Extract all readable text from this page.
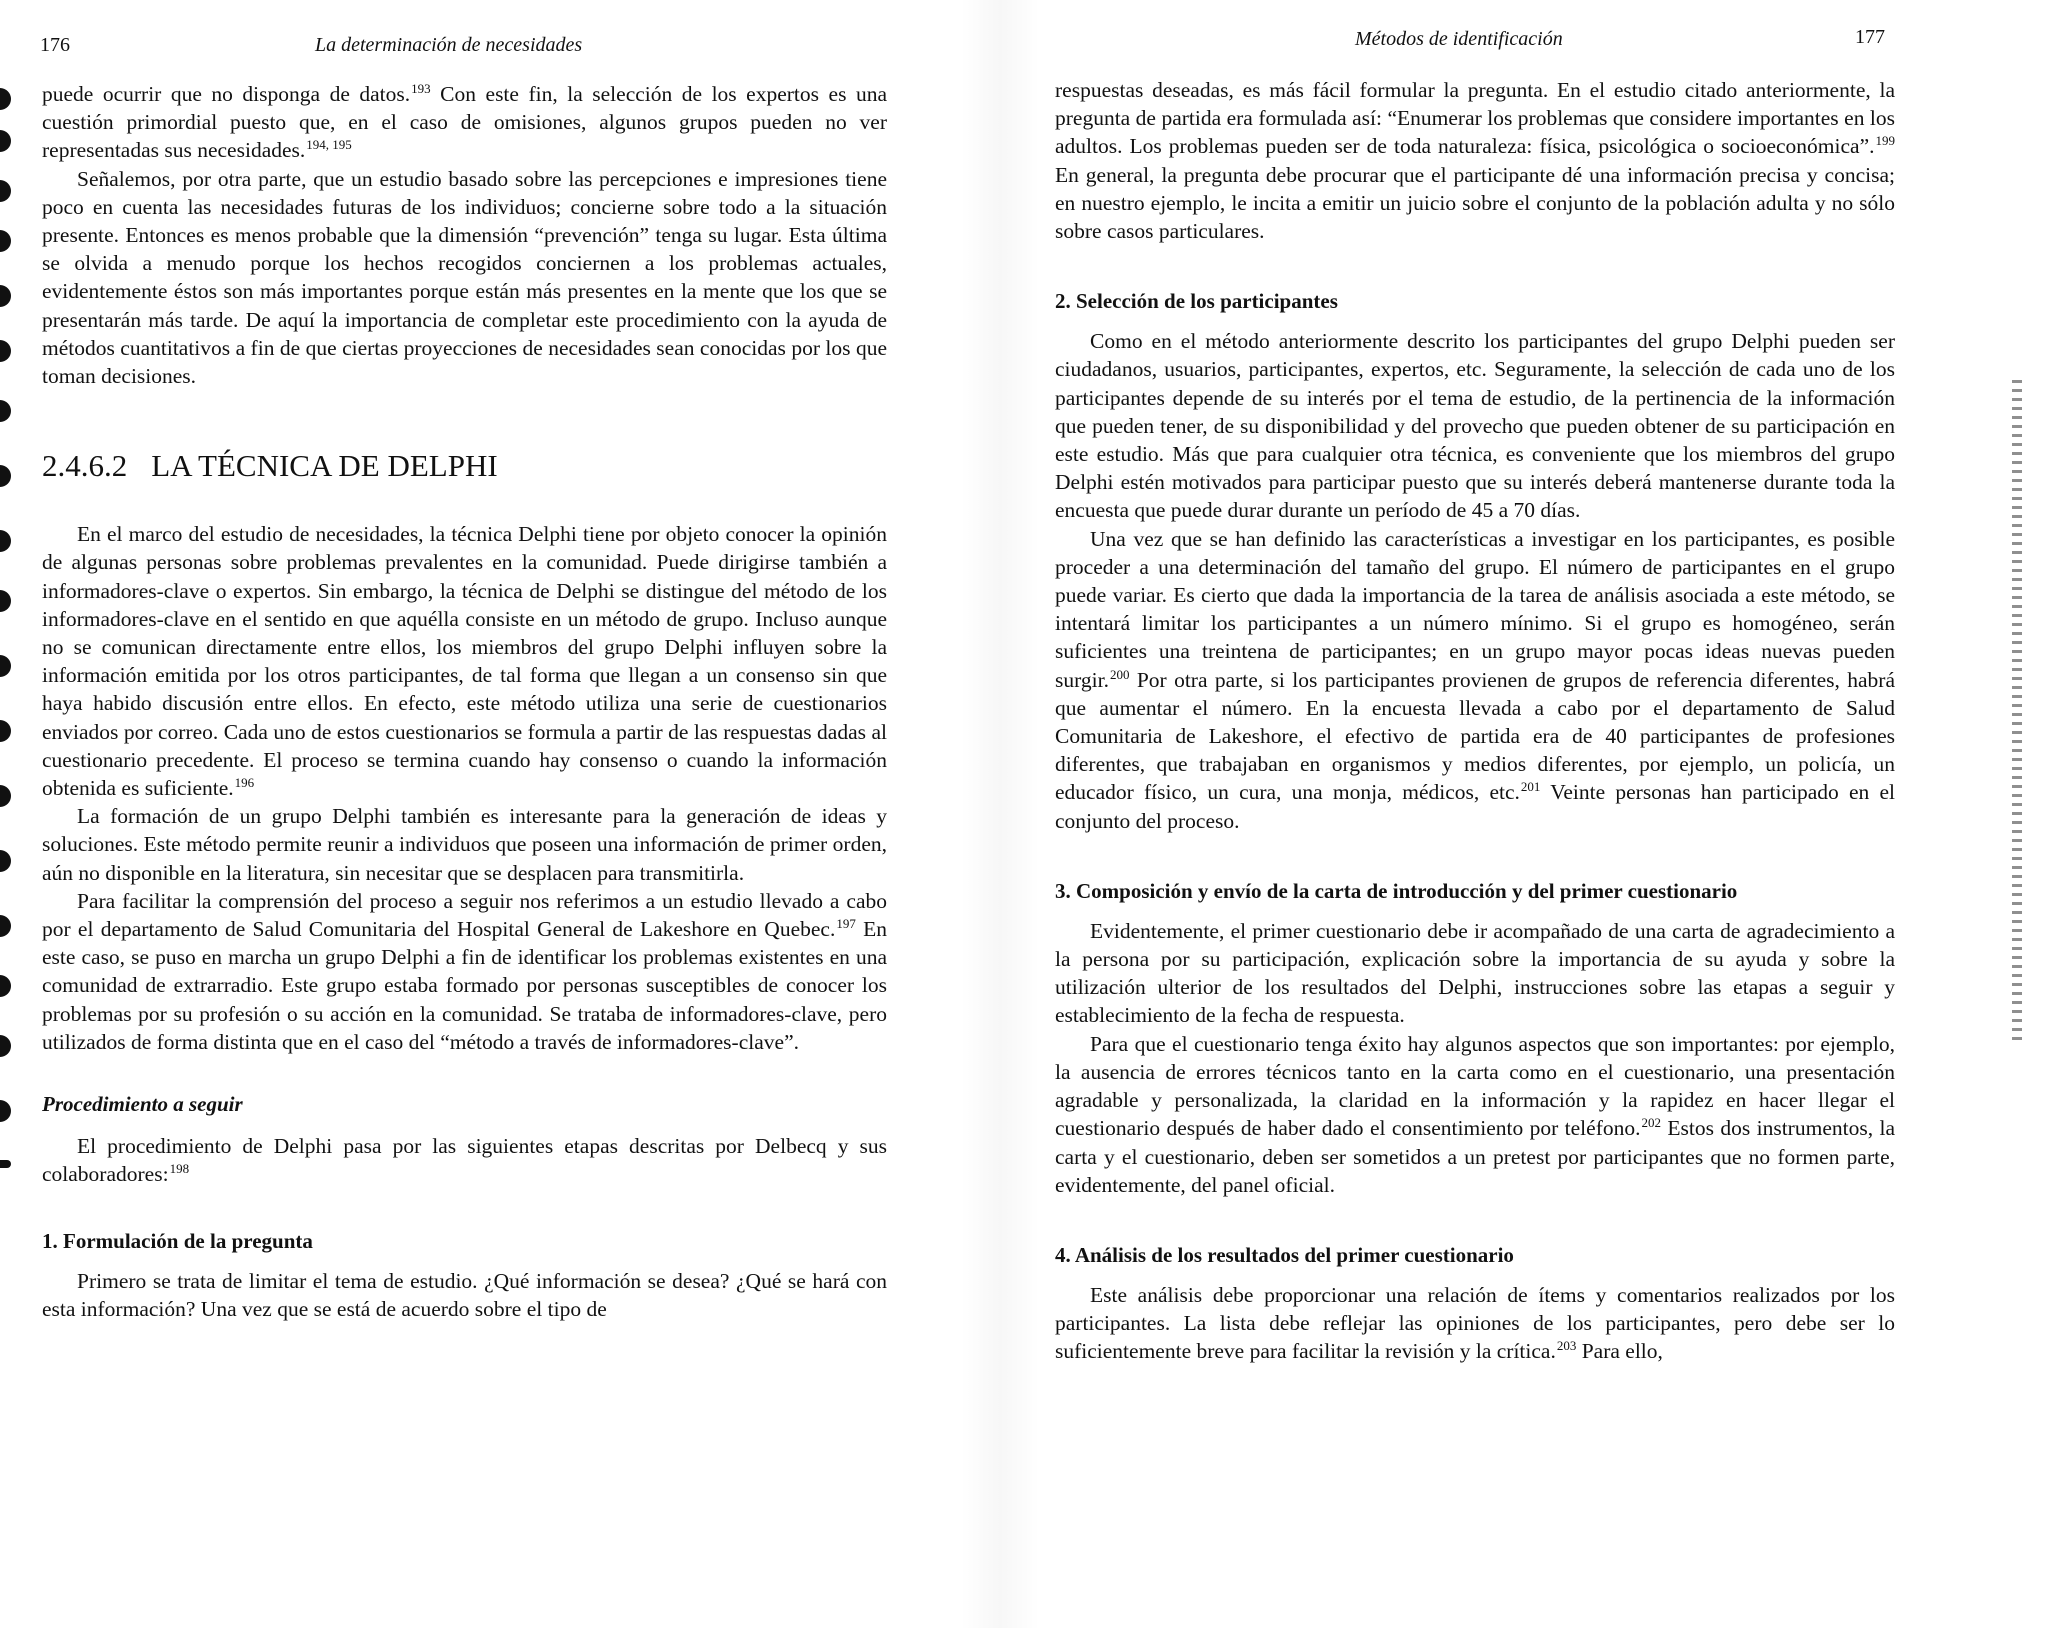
176	La determinación de necesidades

puede ocurrir que no disponga de datos.$^{193}$ Con este fin, la selección de los expertos es una cuestión primordial puesto que, en el caso de omisiones, algunos grupos pueden no ver representadas sus necesidades.$^{194, 195}$

Señalemos, por otra parte, que un estudio basado sobre las percepciones e impresiones tiene poco en cuenta las necesidades futuras de los individuos; concierne sobre todo a la situación presente. Entonces es menos probable que la dimensión “prevención” tenga su lugar. Esta última se olvida a menudo porque los hechos recogidos conciernen a los problemas actuales, evidentemente éstos son más importantes porque están más presentes en la mente que los que se presentarán más tarde. De aquí la importancia de completar este procedimiento con la ayuda de métodos cuantitativos a fin de que ciertas proyecciones de necesidades sean conocidas por los que toman decisiones.

2.4.6.2 LA TÉCNICA DE DELPHI

En el marco del estudio de necesidades, la técnica Delphi tiene por objeto conocer la opinión de algunas personas sobre problemas prevalentes en la comunidad. Puede dirigirse también a informadores-clave o expertos. Sin embargo, la técnica de Delphi se distingue del método de los informadores-clave en el sentido en que aquélla consiste en un método de grupo. Incluso aunque no se comunican directamente entre ellos, los miembros del grupo Delphi influyen sobre la información emitida por los otros participantes, de tal forma que llegan a un consenso sin que haya habido discusión entre ellos. En efecto, este método utiliza una serie de cuestionarios enviados por correo. Cada uno de estos cuestionarios se formula a partir de las respuestas dadas al cuestionario precedente. El proceso se termina cuando hay consenso o cuando la información obtenida es suficiente.$^{196}$

La formación de un grupo Delphi también es interesante para la generación de ideas y soluciones. Este método permite reunir a individuos que poseen una información de primer orden, aún no disponible en la literatura, sin necesitar que se desplacen para transmitirla.

Para facilitar la comprensión del proceso a seguir nos referimos a un estudio llevado a cabo por el departamento de Salud Comunitaria del Hospital General de Lakeshore en Quebec.$^{197}$ En este caso, se puso en marcha un grupo Delphi a fin de identificar los problemas existentes en una comunidad de extrarradio. Este grupo estaba formado por personas susceptibles de conocer los problemas por su profesión o su acción en la comunidad. Se trataba de informadores-clave, pero utilizados de forma distinta que en el caso del “método a través de informadores-clave”.

Procedimiento a seguir

El procedimiento de Delphi pasa por las siguientes etapas descritas por Delbecq y sus colaboradores:$^{198}$

1. Formulación de la pregunta

Primero se trata de limitar el tema de estudio. ¿Qué información se desea? ¿Qué se hará con esta información? Una vez que se está de acuerdo sobre el tipo de

Métodos de identificación	177

respuestas deseadas, es más fácil formular la pregunta. En el estudio citado anteriormente, la pregunta de partida era formulada así: “Enumerar los problemas que considere importantes en los adultos. Los problemas pueden ser de toda naturaleza: física, psicológica o socioeconómica”.$^{199}$ En general, la pregunta debe procurar que el participante dé una información precisa y concisa; en nuestro ejemplo, le incita a emitir un juicio sobre el conjunto de la población adulta y no sólo sobre casos particulares.

2. Selección de los participantes

Como en el método anteriormente descrito los participantes del grupo Delphi pueden ser ciudadanos, usuarios, participantes, expertos, etc. Seguramente, la selección de cada uno de los participantes depende de su interés por el tema de estudio, de la pertinencia de la información que pueden tener, de su disponibilidad y del provecho que pueden obtener de su participación en este estudio. Más que para cualquier otra técnica, es conveniente que los miembros del grupo Delphi estén motivados para participar puesto que su interés deberá mantenerse durante toda la encuesta que puede durar durante un período de 45 a 70 días.

Una vez que se han definido las características a investigar en los participantes, es posible proceder a una determinación del tamaño del grupo. El número de participantes en el grupo puede variar. Es cierto que dada la importancia de la tarea de análisis asociada a este método, se intentará limitar los participantes a un número mínimo. Si el grupo es homogéneo, serán suficientes una treintena de participantes; en un grupo mayor pocas ideas nuevas pueden surgir.$^{200}$ Por otra parte, si los participantes provienen de grupos de referencia diferentes, habrá que aumentar el número. En la encuesta llevada a cabo por el departamento de Salud Comunitaria de Lakeshore, el efectivo de partida era de 40 participantes de profesiones diferentes, que trabajaban en organismos y medios diferentes, por ejemplo, un policía, un educador físico, un cura, una monja, médicos, etc.$^{201}$ Veinte personas han participado en el conjunto del proceso.

3. Composición y envío de la carta de introducción y del primer cuestionario

Evidentemente, el primer cuestionario debe ir acompañado de una carta de agradecimiento a la persona por su participación, explicación sobre la importancia de su ayuda y sobre la utilización ulterior de los resultados del Delphi, instrucciones sobre las etapas a seguir y establecimiento de la fecha de respuesta.

Para que el cuestionario tenga éxito hay algunos aspectos que son importantes: por ejemplo, la ausencia de errores técnicos tanto en la carta como en el cuestionario, una presentación agradable y personalizada, la claridad en la información y la rapidez en hacer llegar el cuestionario después de haber dado el consentimiento por teléfono.$^{202}$ Estos dos instrumentos, la carta y el cuestionario, deben ser sometidos a un pretest por participantes que no formen parte, evidentemente, del panel oficial.

4. Análisis de los resultados del primer cuestionario

Este análisis debe proporcionar una relación de ítems y comentarios realizados por los participantes. La lista debe reflejar las opiniones de los participantes, pero debe ser lo suficientemente breve para facilitar la revisión y la crítica.$^{203}$ Para ello,
